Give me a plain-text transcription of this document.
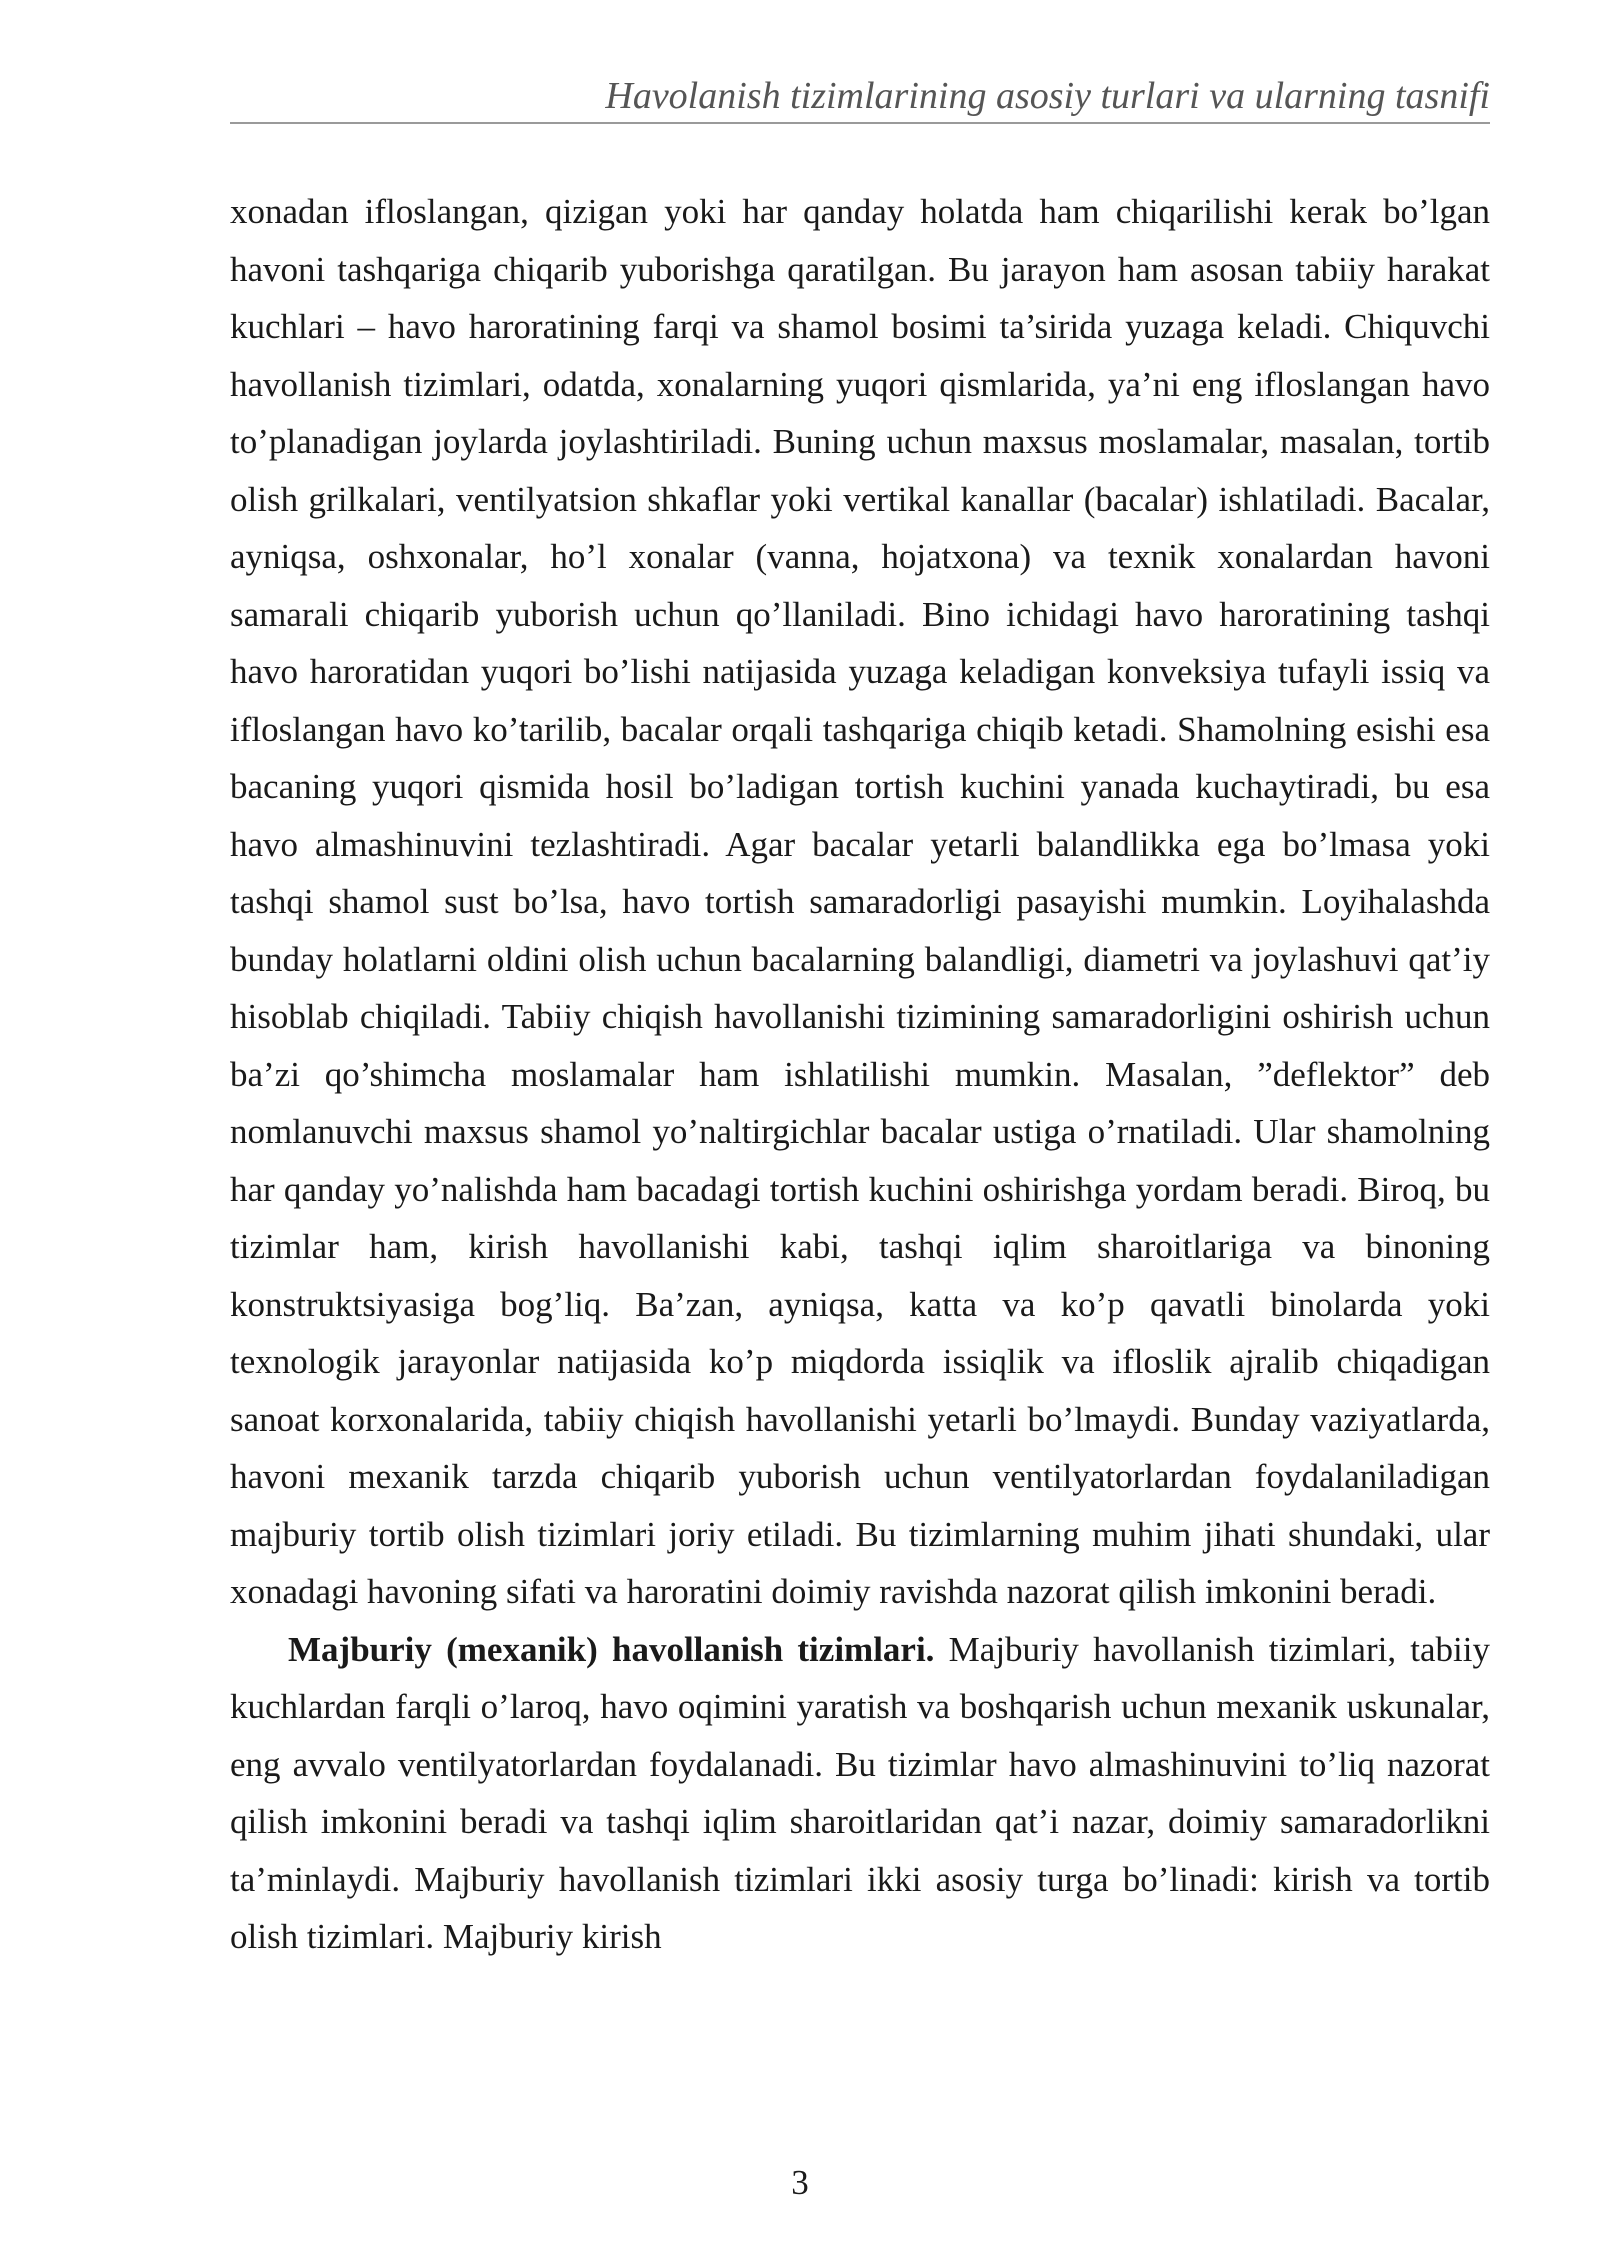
Havolanish tizimlarining asosiy turlari va ularning tasnifi

xonadan ifloslangan, qizigan yoki har qanday holatda ham chiqarilishi kerak bo’lgan havoni tashqariga chiqarib yuborishga qaratilgan. Bu jarayon ham asosan tabiiy harakat kuchlari – havo haroratining farqi va shamol bosimi ta’sirida yuzaga keladi. Chiquvchi havollanish tizimlari, odatda, xonalarning yuqori qismlarida, ya’ni eng ifloslangan havo to’planadigan joylarda joylashtiriladi. Buning uchun maxsus moslamalar, masalan, tortib olish grilkalari, ventilyatsion shkaflar yoki vertikal kanallar (bacalar) ishlatiladi. Bacalar, ayniqsa, oshxonalar, ho’l xonalar (vanna, hojatxona) va texnik xonalardan havoni samarali chiqarib yuborish uchun qo’llaniladi. Bino ichidagi havo haroratining tashqi havo haroratidan yuqori bo’lishi natijasida yuzaga keladigan konveksiya tufayli issiq va ifloslangan havo ko’tarilib, bacalar orqali tashqariga chiqib ketadi. Shamolning esishi esa bacaning yuqori qismida hosil bo’ladigan tortish kuchini yanada kuchaytiradi, bu esa havo almashinuvini tezlashtiradi. Agar bacalar yetarli balandlikka ega bo’lmasa yoki tashqi shamol sust bo’lsa, havo tortish samaradorligi pasayishi mumkin. Loyihalashda bunday holatlarni oldini olish uchun bacalarning balandligi, diametri va joylashuvi qat’iy hisoblab chiqiladi. Tabiiy chiqish havollanishi tizimining samaradorligini oshirish uchun ba’zi qo’shimcha moslamalar ham ishlatilishi mumkin. Masalan, ”deflektor” deb nomlanuvchi maxsus shamol yo’naltirgichlar bacalar ustiga o’rnatiladi. Ular shamolning har qanday yo’nalishda ham bacadagi tortish kuchini oshirishga yordam beradi. Biroq, bu tizimlar ham, kirish havollanishi kabi, tashqi iqlim sharoitlariga va binoning konstruktsiyasiga bog’liq. Ba’zan, ayniqsa, katta va ko’p qavatli binolarda yoki texnologik jarayonlar natijasida ko’p miqdorda issiqlik va ifloslik ajralib chiqadigan sanoat korxonalarida, tabiiy chiqish havollanishi yetarli bo’lmaydi. Bunday vaziyatlarda, havoni mexanik tarzda chiqarib yuborish uchun ventilyatorlardan foydalaniladigan majburiy tortib olish tizimlari joriy etiladi. Bu tizimlarning muhim jihati shundaki, ular xonadagi havoning sifati va haroratini doimiy ravishda nazorat qilish imkonini beradi.

Majburiy (mexanik) havollanish tizimlari. Majburiy havollanish tizimlari, tabiiy kuchlardan farqli o’laroq, havo oqimini yaratish va boshqarish uchun mexanik uskunalar, eng avvalo ventilyatorlardan foydalanadi. Bu tizimlar havo almashinuvini to’liq nazorat qilish imkonini beradi va tashqi iqlim sharoitlaridan qat’i nazar, doimiy samaradorlikni ta’minlaydi. Majburiy havollanish tizimlari ikki asosiy turga bo’linadi: kirish va tortib olish tizimlari. Majburiy kirish

3
